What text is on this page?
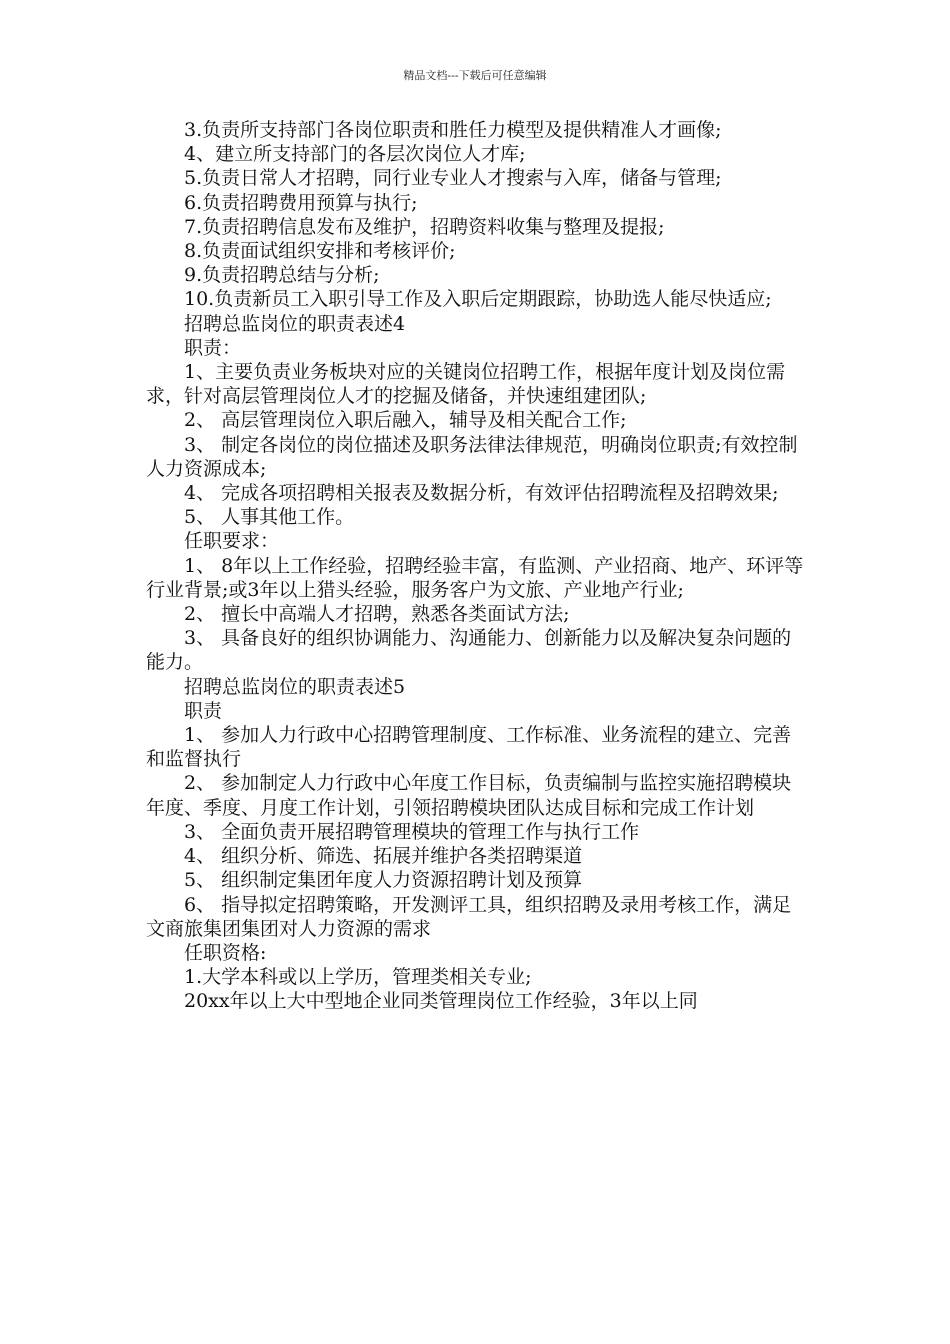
精品文档---下载后可任意编辑

3.负责所支持部门各岗位职责和胜任力模型及提供精准人才画像;

4、建立所支持部门的各层次岗位人才库;

5.负责日常人才招聘，同行业专业人才搜索与入库，储备与管理;

6.负责招聘费用预算与执行;

7.负责招聘信息发布及维护，招聘资料收集与整理及提报;

8.负责面试组织安排和考核评价;

9.负责招聘总结与分析;

10.负责新员工入职引导工作及入职后定期跟踪，协助选人能尽快适应;

招聘总监岗位的职责表述4

职责：

1、主要负责业务板块对应的关键岗位招聘工作，根据年度计划及岗位需求，针对高层管理岗位人才的挖掘及储备，并快速组建团队;

2、 高层管理岗位入职后融入，辅导及相关配合工作;

3、 制定各岗位的岗位描述及职务法律法律规范，明确岗位职责;有效控制人力资源成本;

4、 完成各项招聘相关报表及数据分析，有效评估招聘流程及招聘效果;

5、 人事其他工作。

任职要求：

1、 8年以上工作经验，招聘经验丰富，有监测、产业招商、地产、环评等行业背景;或3年以上猎头经验，服务客户为文旅、产业地产行业;

2、 擅长中高端人才招聘，熟悉各类面试方法;

3、 具备良好的组织协调能力、沟通能力、创新能力以及解决复杂问题的能力。

招聘总监岗位的职责表述5

职责

1、 参加人力行政中心招聘管理制度、工作标准、业务流程的建立、完善和监督执行

2、 参加制定人力行政中心年度工作目标，负责编制与监控实施招聘模块年度、季度、月度工作计划，引领招聘模块团队达成目标和完成工作计划

3、 全面负责开展招聘管理模块的管理工作与执行工作

4、 组织分析、筛选、拓展并维护各类招聘渠道

5、 组织制定集团年度人力资源招聘计划及预算

6、 指导拟定招聘策略，开发测评工具，组织招聘及录用考核工作，满足文商旅集团集团对人力资源的需求

任职资格:

1.大学本科或以上学历，管理类相关专业;

20xx年以上大中型地企业同类管理岗位工作经验，3年以上同
